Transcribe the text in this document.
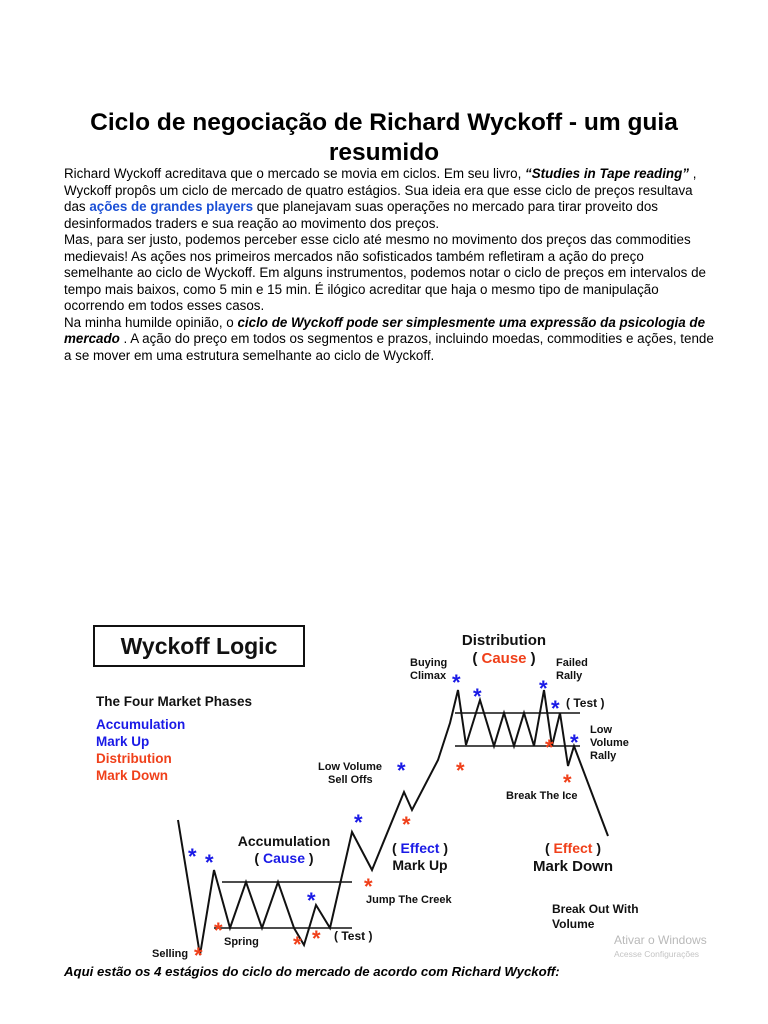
Ciclo de negociação de Richard Wyckoff - um guia resumido

Richard Wyckoff acreditava que o mercado se movia em ciclos. Em seu livro, “Studies in Tape reading” , Wyckoff propôs um ciclo de mercado de quatro estágios. Sua ideia era que esse ciclo de preços resultava das ações de grandes players que planejavam suas operações no mercado para tirar proveito dos desinformados traders e sua reação ao movimento dos preços.

Mas, para ser justo, podemos perceber esse ciclo até mesmo no movimento dos preços das commodities medievais! As ações nos primeiros mercados não sofisticados também refletiram a ação do preço semelhante ao ciclo de Wyckoff. Em alguns instrumentos, podemos notar o ciclo de preços em intervalos de tempo mais baixos, como 5 min e 15 min. É ilógico acreditar que haja o mesmo tipo de manipulação ocorrendo em todos esses casos.

Na minha humilde opinião, o ciclo de Wyckoff pode ser simplesmente uma expressão da psicologia de mercado . A ação do preço em todos os segmentos e prazos, incluindo moedas, commodities e ações, tende a se mover em uma estrutura semelhante ao ciclo de Wyckoff.

Wyckoff Logic
The Four Market Phases
Accumulation
Mark Up
Distribution
Mark Down
* *
*
*
*
*
*	*
*
*
*
*
* *
*
*
*
*
*
Distribution
( Cause )
Buying
Climax
Failed
Rally
( Test )
Low
Volume
Rally
Low Volume
Sell Offs
Break The Ice
Accumulation
( Cause )
( Effect )
Mark Up
( Effect )
Mark Down
Jump The Creek
Break Out With
Volume
( Test )
Spring
Selling
Ativar o Windows
Acesse Configurações

Aqui estão os 4 estágios do ciclo do mercado de acordo com Richard Wyckoff:
